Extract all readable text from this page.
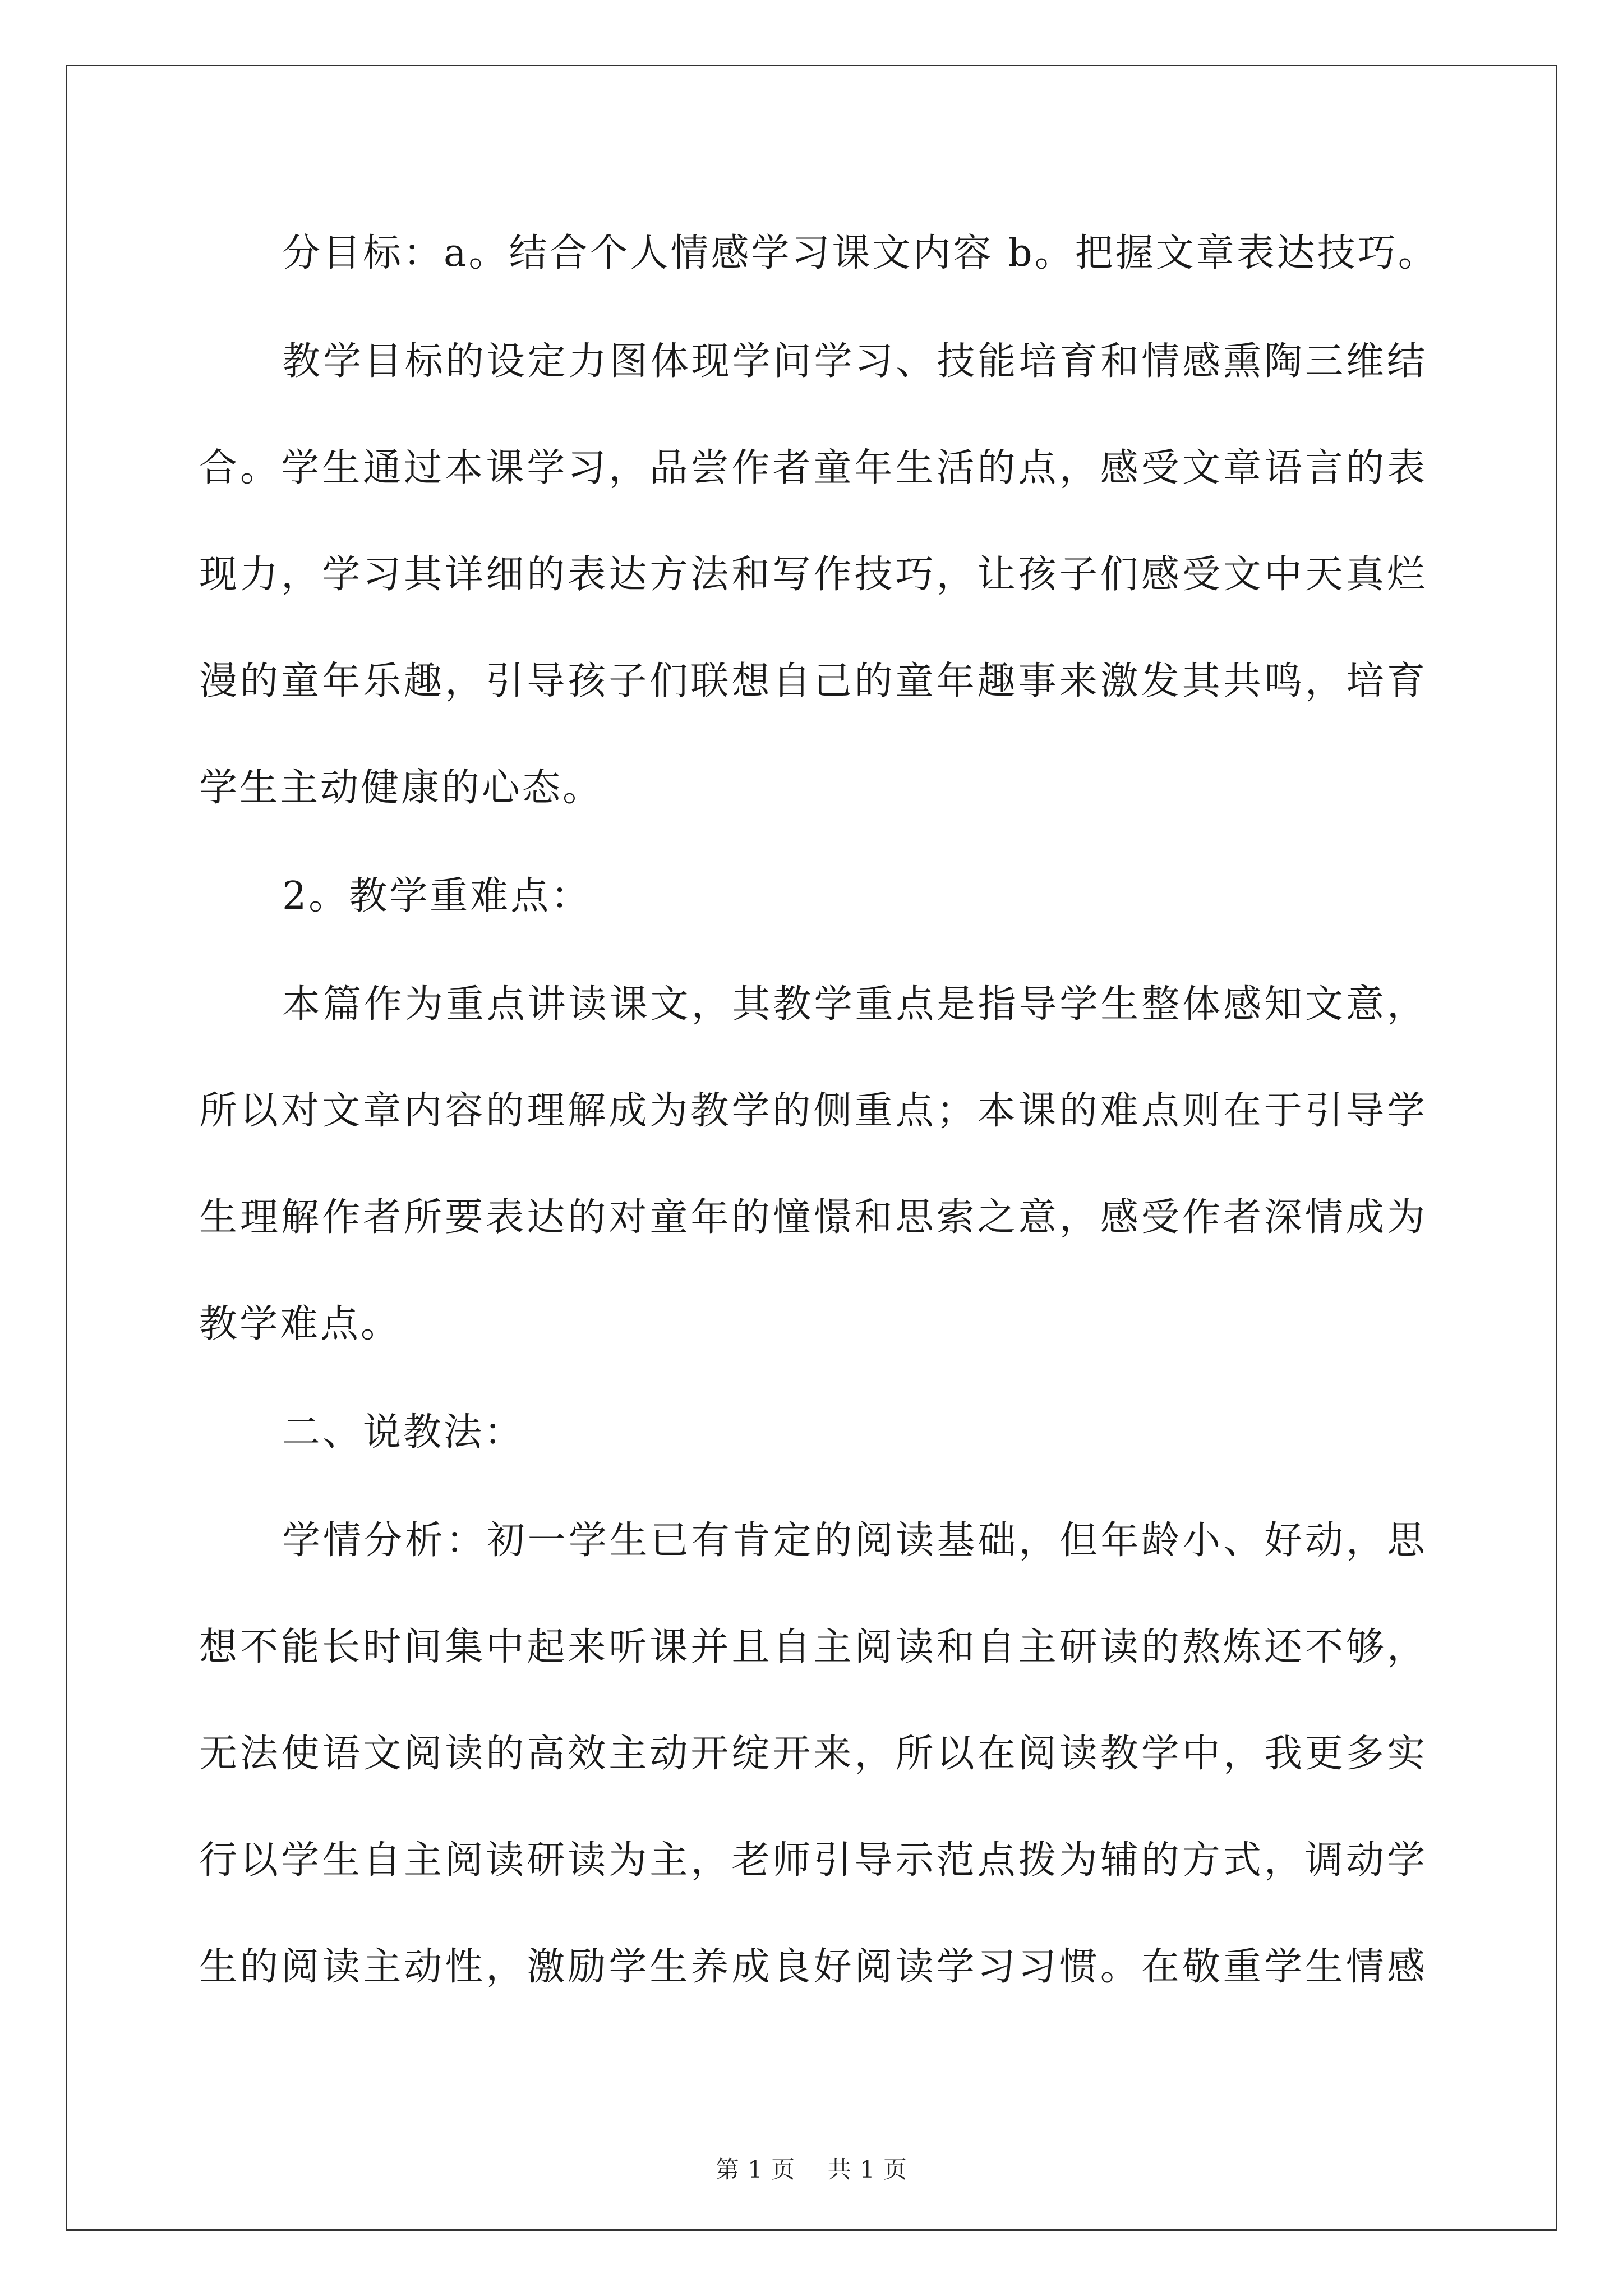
分目标：a。结合个人情感学习课文内容 b。把握文章表达技巧。
教学目标的设定力图体现学问学习、技能培育和情感熏陶三维结
合。学生通过本课学习，品尝作者童年生活的点，感受文章语言的表
现力，学习其详细的表达方法和写作技巧，让孩子们感受文中天真烂
漫的童年乐趣，引导孩子们联想自己的童年趣事来激发其共鸣，培育
学生主动健康的心态。
2。教学重难点：
本篇作为重点讲读课文，其教学重点是指导学生整体感知文意，
所以对文章内容的理解成为教学的侧重点；本课的难点则在于引导学
生理解作者所要表达的对童年的憧憬和思索之意，感受作者深情成为
教学难点。
二、说教法：
学情分析：初一学生已有肯定的阅读基础，但年龄小、好动，思
想不能长时间集中起来听课并且自主阅读和自主研读的熬炼还不够，
无法使语文阅读的高效主动开绽开来，所以在阅读教学中，我更多实
行以学生自主阅读研读为主，老师引导示范点拨为辅的方式，调动学
生的阅读主动性，激励学生养成良好阅读学习习惯。在敬重学生情感
第 1 页    共 1 页
